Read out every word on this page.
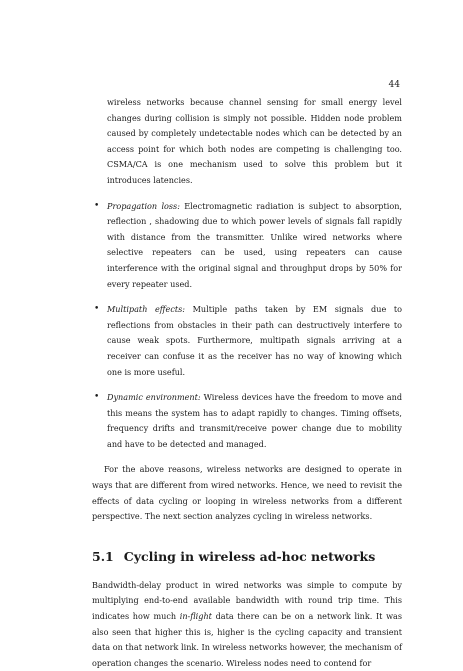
44

wireless networks because channel sensing for small energy level changes during collision is simply not possible. Hidden node problem caused by completely undetectable nodes which can be detected by an access point for which both nodes are competing is challenging too. CSMA/CA is one mechanism used to solve this problem but it introduces latencies.

• Propagation loss: Electromagnetic radiation is subject to absorption, reflection , shadowing due to which power levels of signals fall rapidly with distance from the transmitter. Unlike wired networks where selective repeaters can be used, using repeaters can cause interference with the original signal and throughput drops by 50% for every repeater used.
• Multipath effects: Multiple paths taken by EM signals due to reflections from obstacles in their path can destructively interfere to cause weak spots. Furthermore, multipath signals arriving at a receiver can confuse it as the receiver has no way of knowing which one is more useful.
• Dynamic environment: Wireless devices have the freedom to move and this means the system has to adapt rapidly to changes. Timing offsets, frequency drifts and transmit/receive power change due to mobility and have to be detected and managed.

For the above reasons, wireless networks are designed to operate in ways that are different from wired networks. Hence, we need to revisit the effects of data cycling or looping in wireless networks from a different perspective. The next section analyzes cycling in wireless networks.

5.1 Cycling in wireless ad-hoc networks

Bandwidth-delay product in wired networks was simple to compute by multiplying end-to-end available bandwidth with round trip time. This indicates how much in-flight data there can be on a network link. It was also seen that higher this is, higher is the cycling capacity and transient data on that network link. In wireless networks however, the mechanism of operation changes the scenario. Wireless nodes need to contend for
